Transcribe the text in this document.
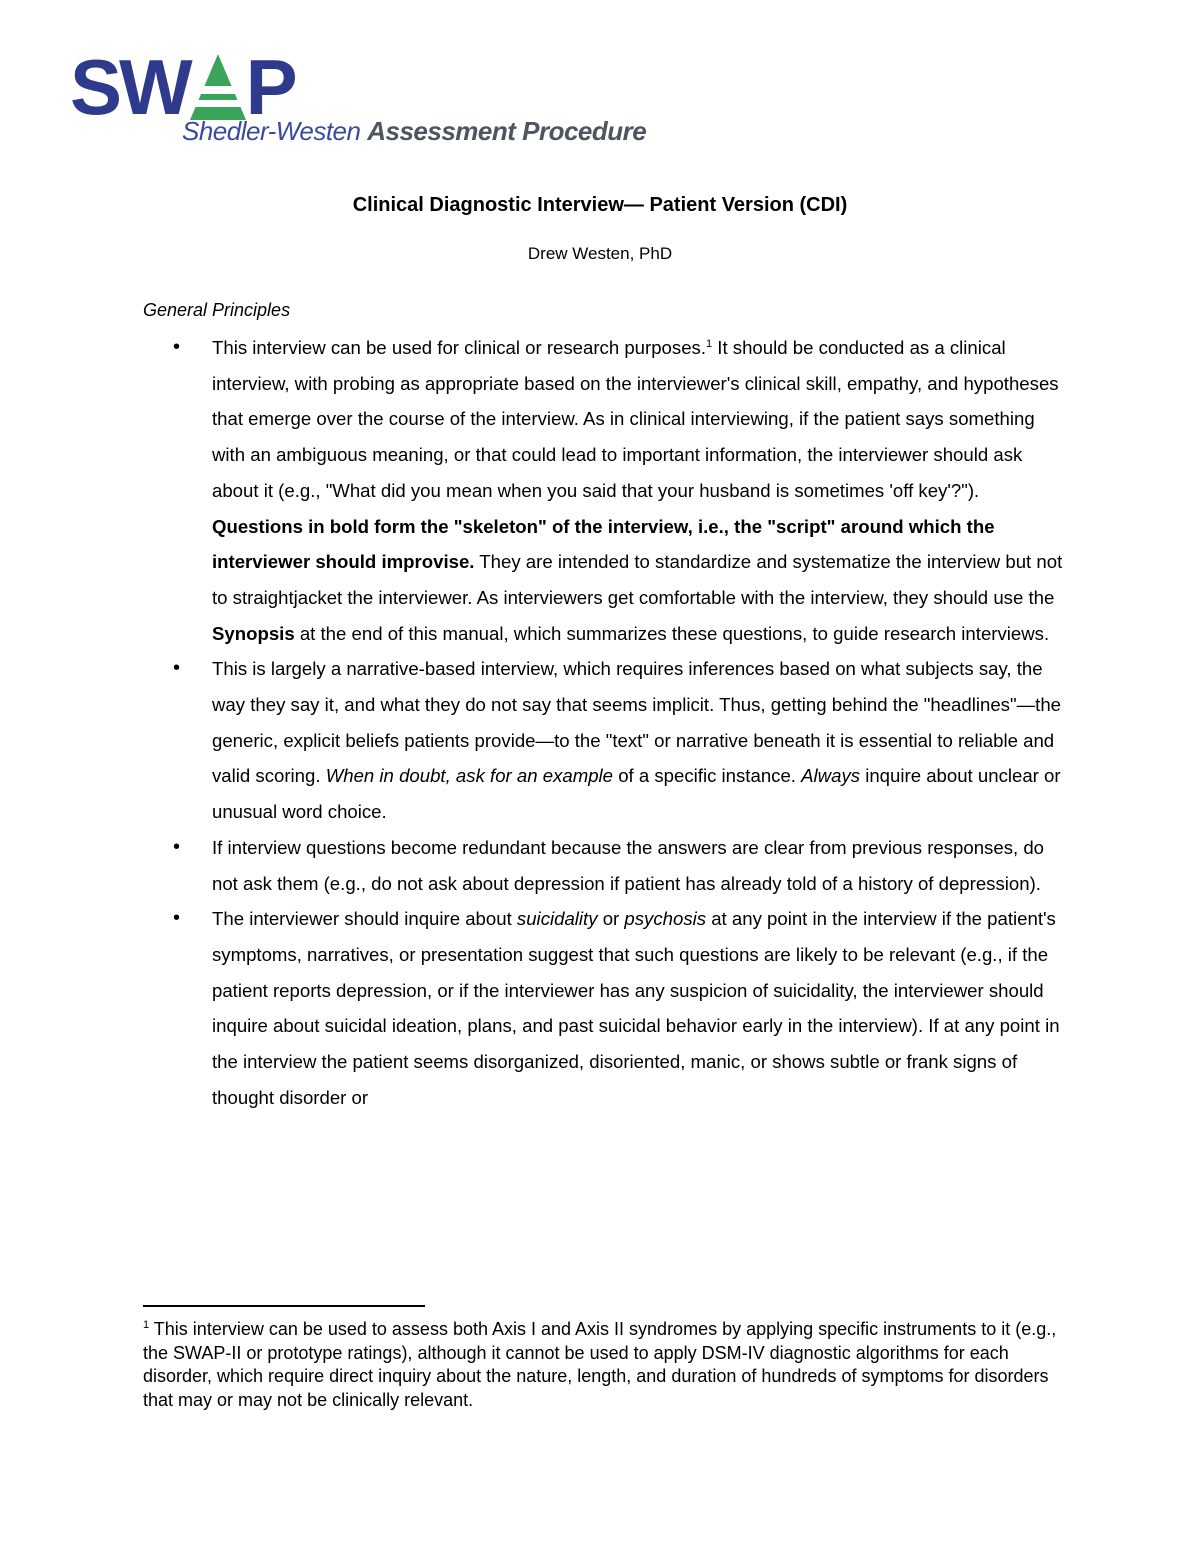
SW P
Shedler-Westen Assessment Procedure
Clinical Diagnostic Interview— Patient Version (CDI)
Drew Westen, PhD
General Principles
• This interview can be used for clinical or research purposes.$^1$ It should be conducted as a clinical interview, with probing as appropriate based on the interviewer's clinical skill, empathy, and hypotheses that emerge over the course of the interview. As in clinical interviewing, if the patient says something with an ambiguous meaning, or that could lead to important information, the interviewer should ask about it (e.g., "What did you mean when you said that your husband is sometimes 'off key'?"). Questions in bold form the "skeleton" of the interview, i.e., the "script" around which the interviewer should improvise. They are intended to standardize and systematize the interview but not to straightjacket the interviewer. As interviewers get comfortable with the interview, they should use the Synopsis at the end of this manual, which summarizes these questions, to guide research interviews.
• This is largely a narrative-based interview, which requires inferences based on what subjects say, the way they say it, and what they do not say that seems implicit. Thus, getting behind the "headlines"—the generic, explicit beliefs patients provide—to the "text" or narrative beneath it is essential to reliable and valid scoring. When in doubt, ask for an example of a specific instance. Always inquire about unclear or unusual word choice.
• If interview questions become redundant because the answers are clear from previous responses, do not ask them (e.g., do not ask about depression if patient has already told of a history of depression).
• The interviewer should inquire about suicidality or psychosis at any point in the interview if the patient's symptoms, narratives, or presentation suggest that such questions are likely to be relevant (e.g., if the patient reports depression, or if the interviewer has any suspicion of suicidality, the interviewer should inquire about suicidal ideation, plans, and past suicidal behavior early in the interview). If at any point in the interview the patient seems disorganized, disoriented, manic, or shows subtle or frank signs of thought disorder or
$^1$ This interview can be used to assess both Axis I and Axis II syndromes by applying specific instruments to it (e.g., the SWAP-II or prototype ratings), although it cannot be used to apply DSM-IV diagnostic algorithms for each disorder, which require direct inquiry about the nature, length, and duration of hundreds of symptoms for disorders that may or may not be clinically relevant.
